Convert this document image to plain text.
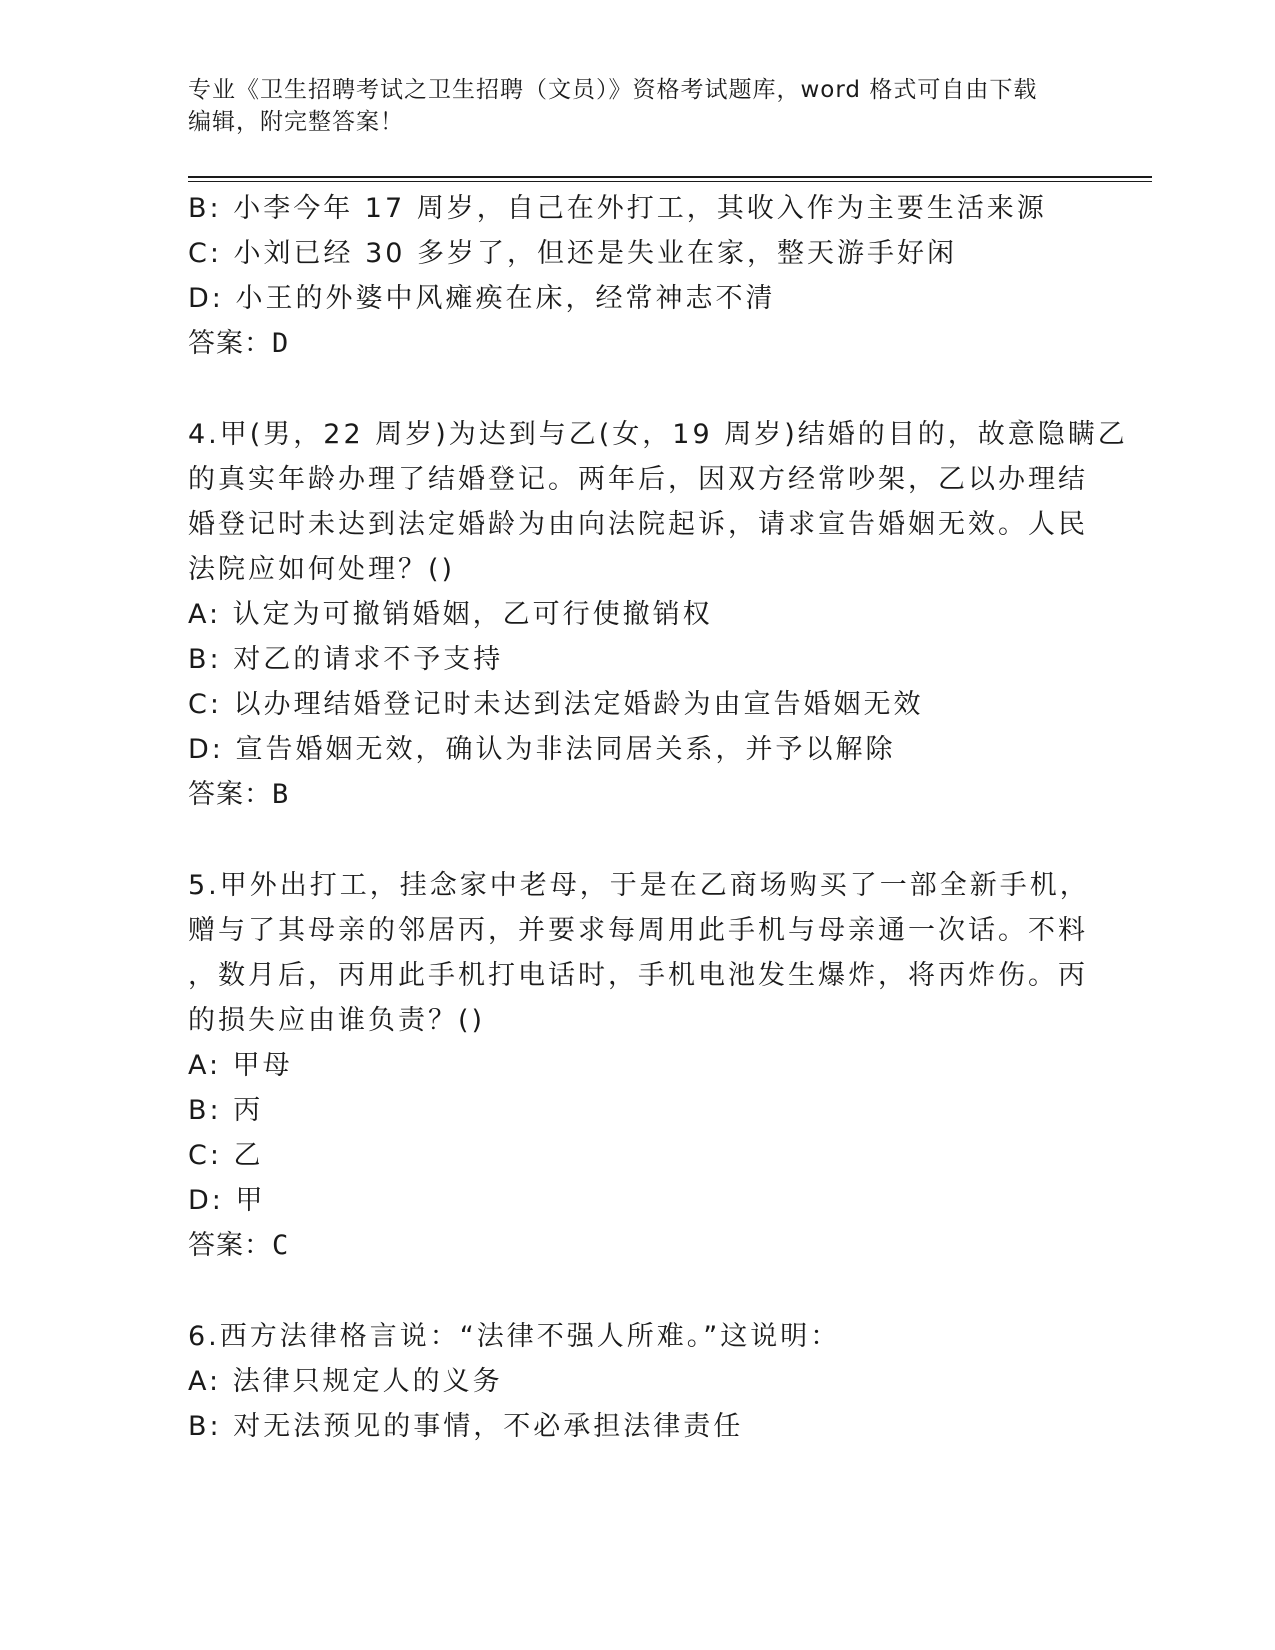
专业《卫生招聘考试之卫生招聘（文员）》资格考试题库，word 格式可自由下载
编辑，附完整答案！
B: 小李今年 17 周岁，自己在外打工，其收入作为主要生活来源
C: 小刘已经 30 多岁了，但还是失业在家，整天游手好闲
D: 小王的外婆中风瘫痪在床，经常神志不清
答案：D
4.甲(男，22 周岁)为达到与乙(女，19 周岁)结婚的目的，故意隐瞒乙
的真实年龄办理了结婚登记。两年后，因双方经常吵架，乙以办理结
婚登记时未达到法定婚龄为由向法院起诉，请求宣告婚姻无效。人民
法院应如何处理？()
A: 认定为可撤销婚姻，乙可行使撤销权
B: 对乙的请求不予支持
C: 以办理结婚登记时未达到法定婚龄为由宣告婚姻无效
D: 宣告婚姻无效，确认为非法同居关系，并予以解除
答案：B
5.甲外出打工，挂念家中老母，于是在乙商场购买了一部全新手机，
赠与了其母亲的邻居丙，并要求每周用此手机与母亲通一次话。不料
，数月后，丙用此手机打电话时，手机电池发生爆炸，将丙炸伤。丙
的损失应由谁负责？()
A: 甲母
B: 丙
C: 乙
D: 甲
答案：C
6.西方法律格言说：“法律不强人所难。”这说明：
A: 法律只规定人的义务
B: 对无法预见的事情，不必承担法律责任
